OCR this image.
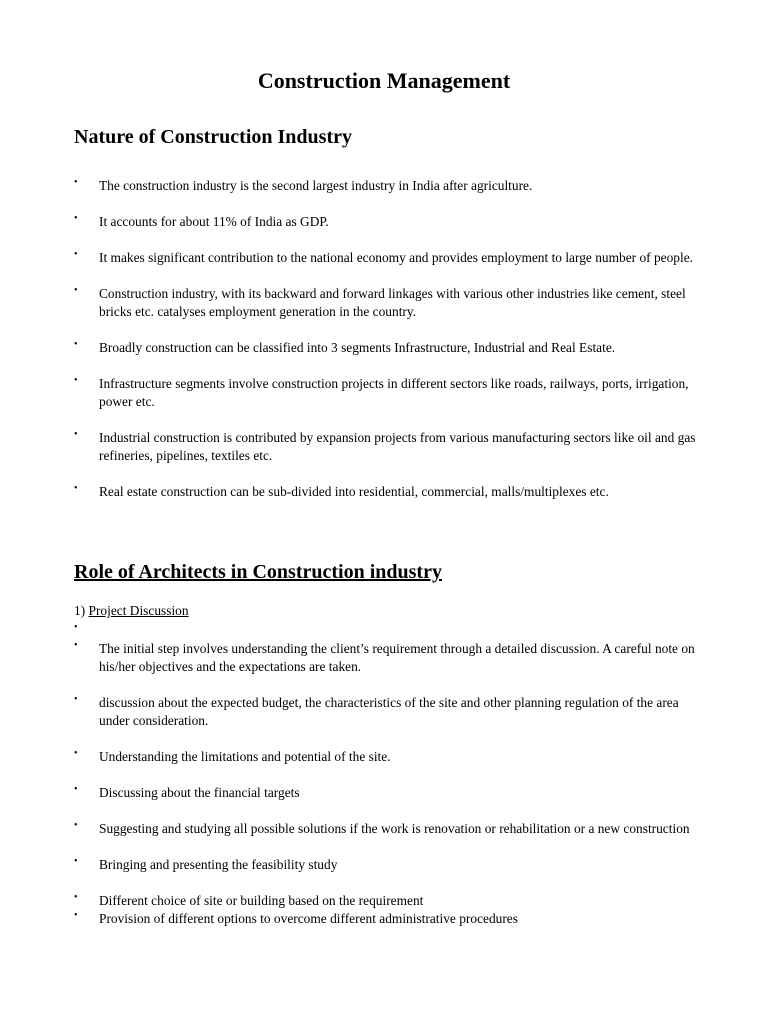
Construction Management
Nature of Construction Industry
• The construction industry is the second largest industry in India after agriculture.
• It accounts for about 11% of India as GDP.
• It makes significant contribution to the national economy and provides employment to large number of people.
• Construction industry, with its backward and forward linkages with various other industries like cement, steel bricks etc. catalyses employment generation in the country.
• Broadly construction can be classified into 3 segments Infrastructure, Industrial and Real Estate.
• Infrastructure segments involve construction projects in different sectors like roads, railways, ports, irrigation, power etc.
• Industrial construction is contributed by expansion projects from various manufacturing sectors like oil and gas refineries, pipelines, textiles etc.
• Real estate construction can be sub-divided into residential, commercial, malls/multiplexes etc.
Role of Architects in Construction industry

1) Project Discussion

•
• The initial step involves understanding the client’s requirement through a detailed discussion. A careful note on his/her objectives and the expectations are taken.
• discussion about the expected budget, the characteristics of the site and other planning regulation of the area under consideration.
• Understanding the limitations and potential of the site.
• Discussing about the financial targets
• Suggesting and studying all possible solutions if the work is renovation or rehabilitation or a new construction
• Bringing and presenting the feasibility study
• Different choice of site or building based on the requirement
• Provision of different options to overcome different administrative procedures
